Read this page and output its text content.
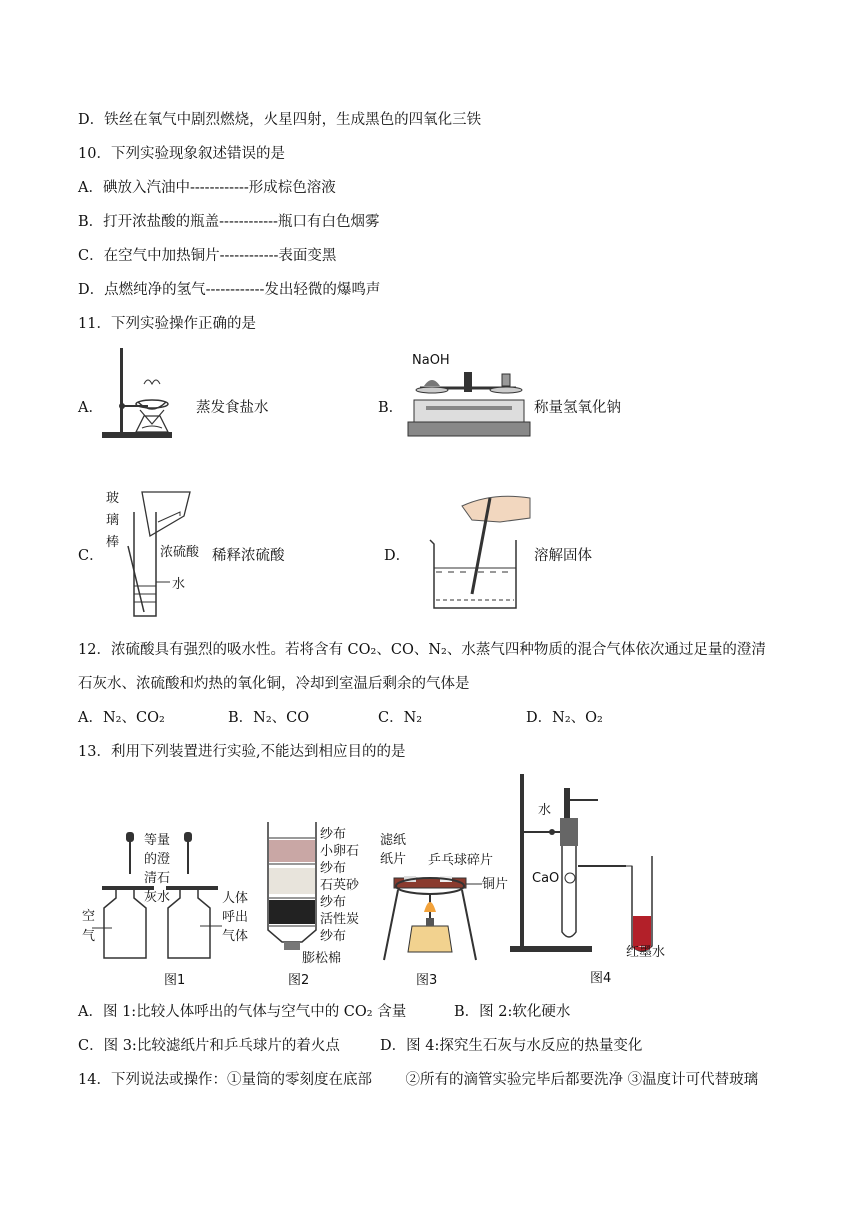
D．铁丝在氧气中剧烈燃烧，火星四射，生成黑色的四氧化三铁
10．下列实验现象叙述错误的是
A．碘放入汽油中------------形成棕色溶液
B．打开浓盐酸的瓶盖------------瓶口有白色烟雾
C．在空气中加热铜片------------表面变黑
D．点燃纯净的氢气------------发出轻微的爆鸣声
11．下列实验操作正确的是
A．	蒸发食盐水
NaOH
B．	称量氢氧化钠
玻
璃
棒
浓硫酸
水
C．	稀释浓硫酸	D．	溶解固体
12．浓硫酸具有强烈的吸水性。若将含有 CO₂、CO、N₂、水蒸气四种物质的混合气体依次通过足量的澄清
石灰水、浓硫酸和灼热的氧化铜，冷却到室温后剩余的气体是
A．N₂、CO₂	B．N₂、CO	C．N₂	D．N₂、O₂
13．利用下列装置进行实验,不能达到相应目的的是
等量
的澄
清石
灰水
空
气
人体
呼出
气体
图1
纱布
小卵石
纱布
石英砂
纱布
活性炭
纱布
膨松棉
图2
滤纸
纸片 乒乓球碎片
铜片
图3
水
CaO
红墨水
图4
A．图 1:比较人体呼出的气体与空气中的 CO₂ 含量	B．图 2:软化硬水
C．图 3:比较滤纸片和乒乓球片的着火点	D．图 4:探究生石灰与水反应的热量变化
14．下列说法或操作：①量筒的零刻度在底部 　　②所有的滴管实验完毕后都要洗净 ③温度计可代替玻璃
